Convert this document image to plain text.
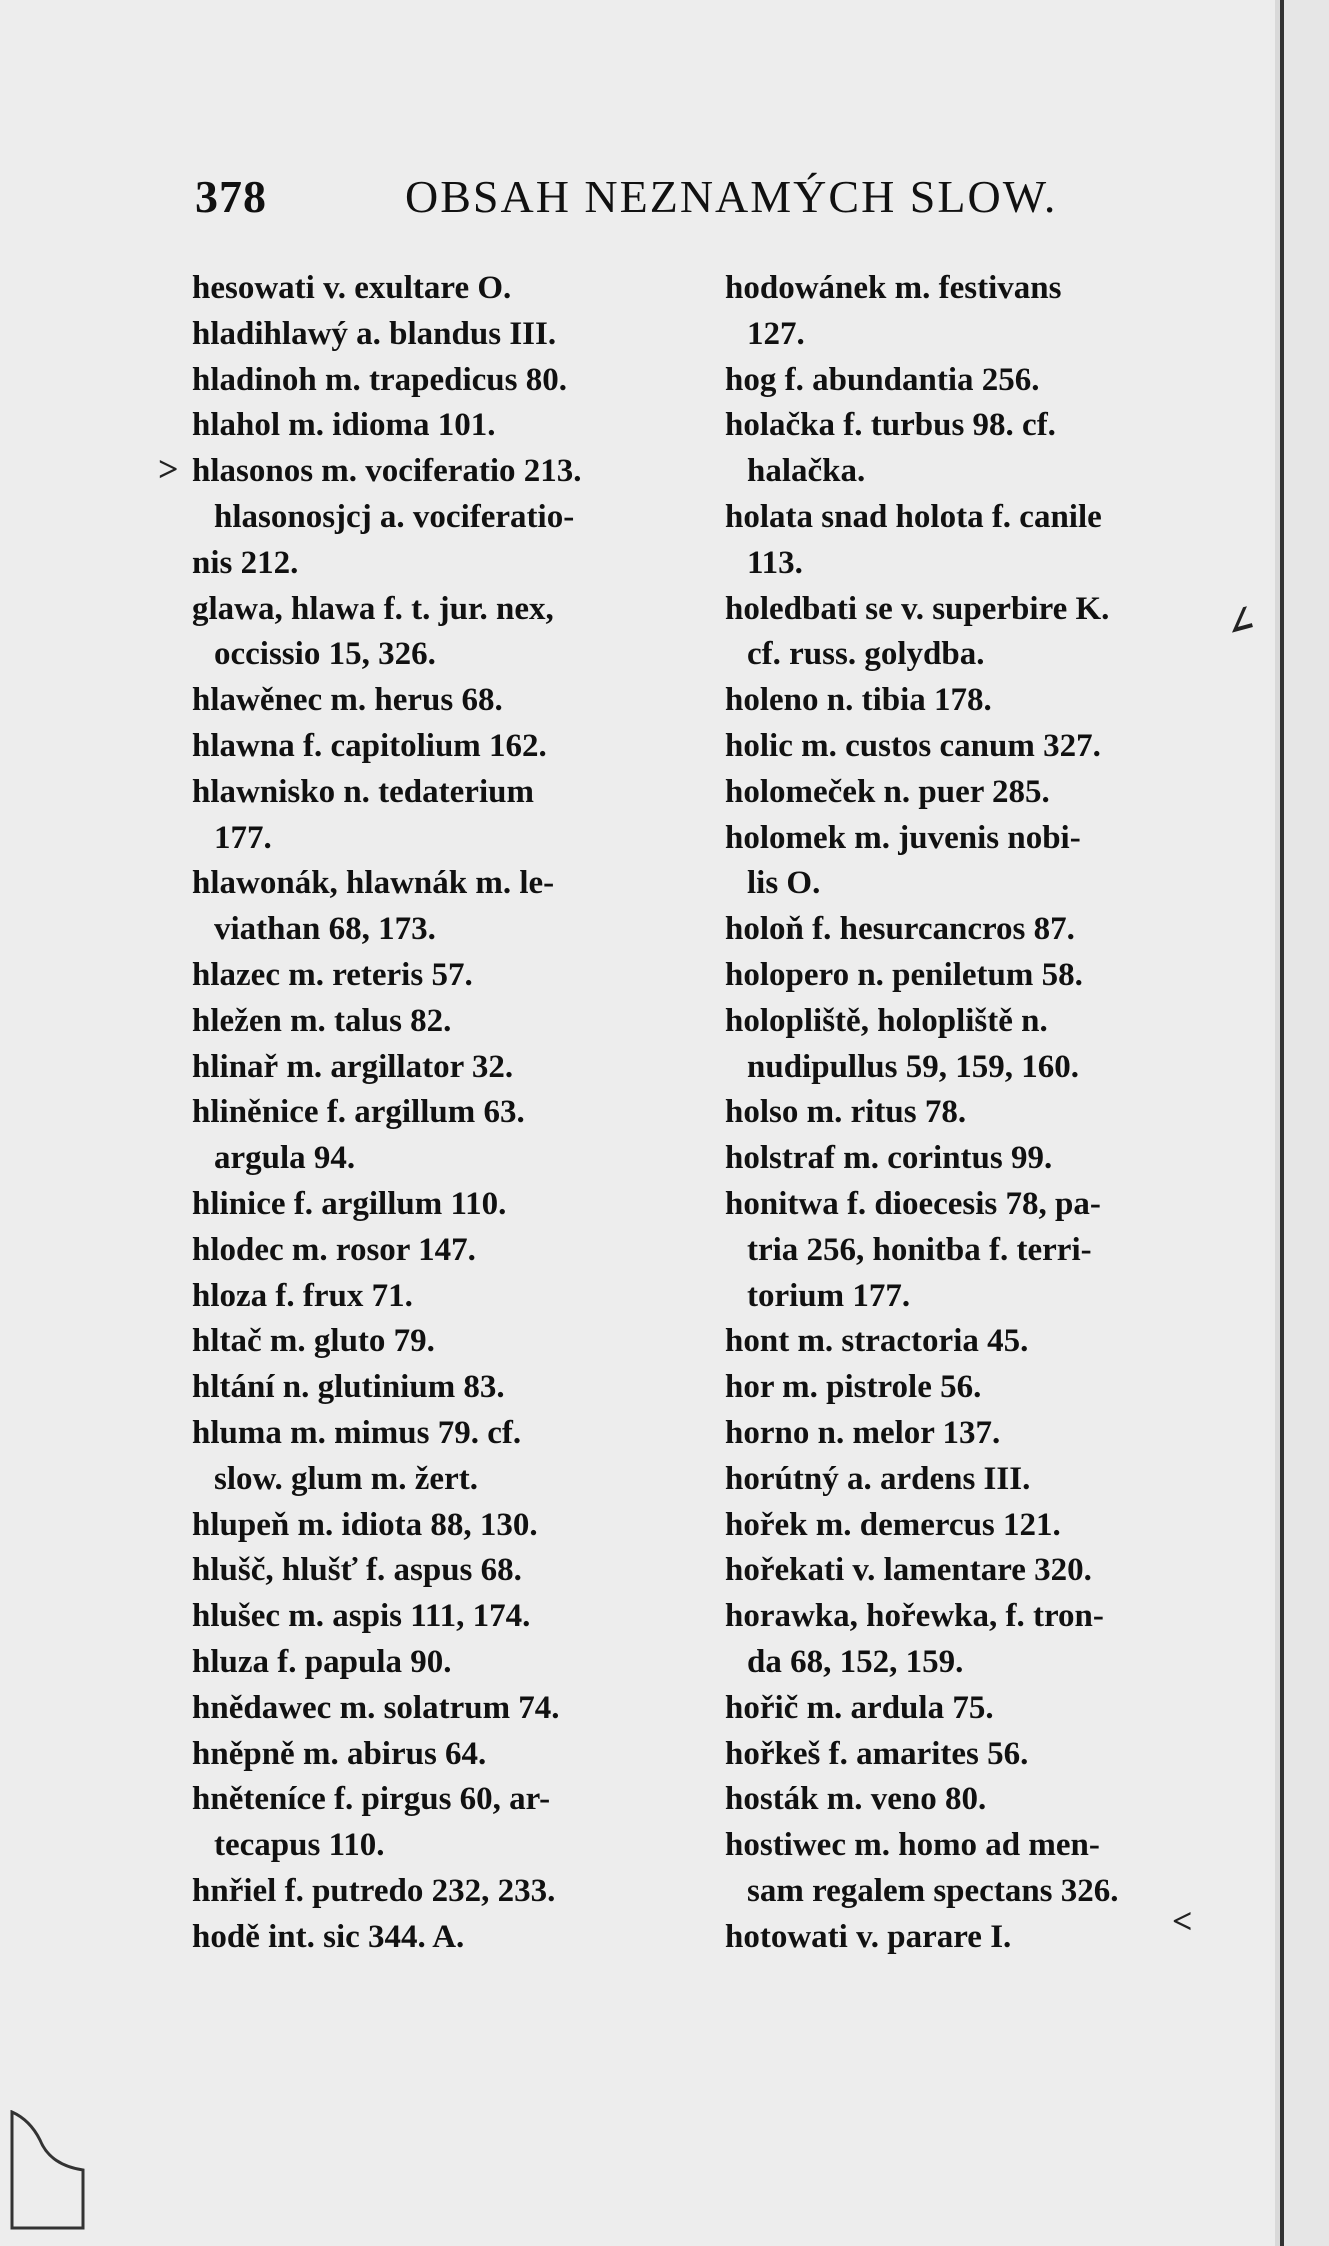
378	OBSAH NEZNAMÝCH SLOW.
hesowati v. exultare O.
hladihlawý a. blandus III.
hladinoh m. trapedicus 80.
hlahol m. idioma 101.
hlasonos m. vociferatio 213.
hlasonosjcj a. vociferatio-
nis 212.
glawa, hlawa f. t. jur. nex,
occissio 15, 326.
hlawěnec m. herus 68.
hlawna f. capitolium 162.
hlawnisko n. tedaterium
177.
hlawonák, hlawnák m. le-
viathan 68, 173.
hlazec m. reteris 57.
hležen m. talus 82.
hlinař m. argillator 32.
hliněnice f. argillum 63.
argula 94.
hlinice f. argillum 110.
hlodec m. rosor 147.
hloza f. frux 71.
hltač m. gluto 79.
hltání n. glutinium 83.
hluma m. mimus 79. cf.
slow. glum m. žert.
hlupeň m. idiota 88, 130.
hlušč, hlušť f. aspus 68.
hlušec m. aspis 111, 174.
hluza f. papula 90.
hnědawec m. solatrum 74.
hněpně m. abirus 64.
hněteníce f. pirgus 60, ar-
tecapus 110.
hnřiel f. putredo 232, 233.
hodě int. sic 344. A.
hodowánek m. festivans
127.
hog f. abundantia 256.
holačka f. turbus 98. cf.
halačka.
holata snad holota f. canile
113.
holedbati se v. superbire K.
cf. russ. golydba.
holeno n. tibia 178.
holic m. custos canum 327.
holomeček n. puer 285.
holomek m. juvenis nobi-
lis O.
holoň f. hesurcancros 87.
holopero n. peniletum 58.
holopliště, holopliště n.
nudipullus 59, 159, 160.
holso m. ritus 78.
holstraf m. corintus 99.
honitwa f. dioecesis 78, pa-
tria 256, honitba f. terri-
torium 177.
hont m. stractoria 45.
hor m. pistrole 56.
horno n. melor 137.
horútný a. ardens III.
hořek m. demercus 121.
hořekati v. lamentare 320.
horawka, hořewka, f. tron-
da 68, 152, 159.
hořič m. ardula 75.
hořkeš f. amarites 56.
hosták m. veno 80.
hostiwec m. homo ad men-
sam regalem spectans 326.
hotowati v. parare I.
>
∠
<
